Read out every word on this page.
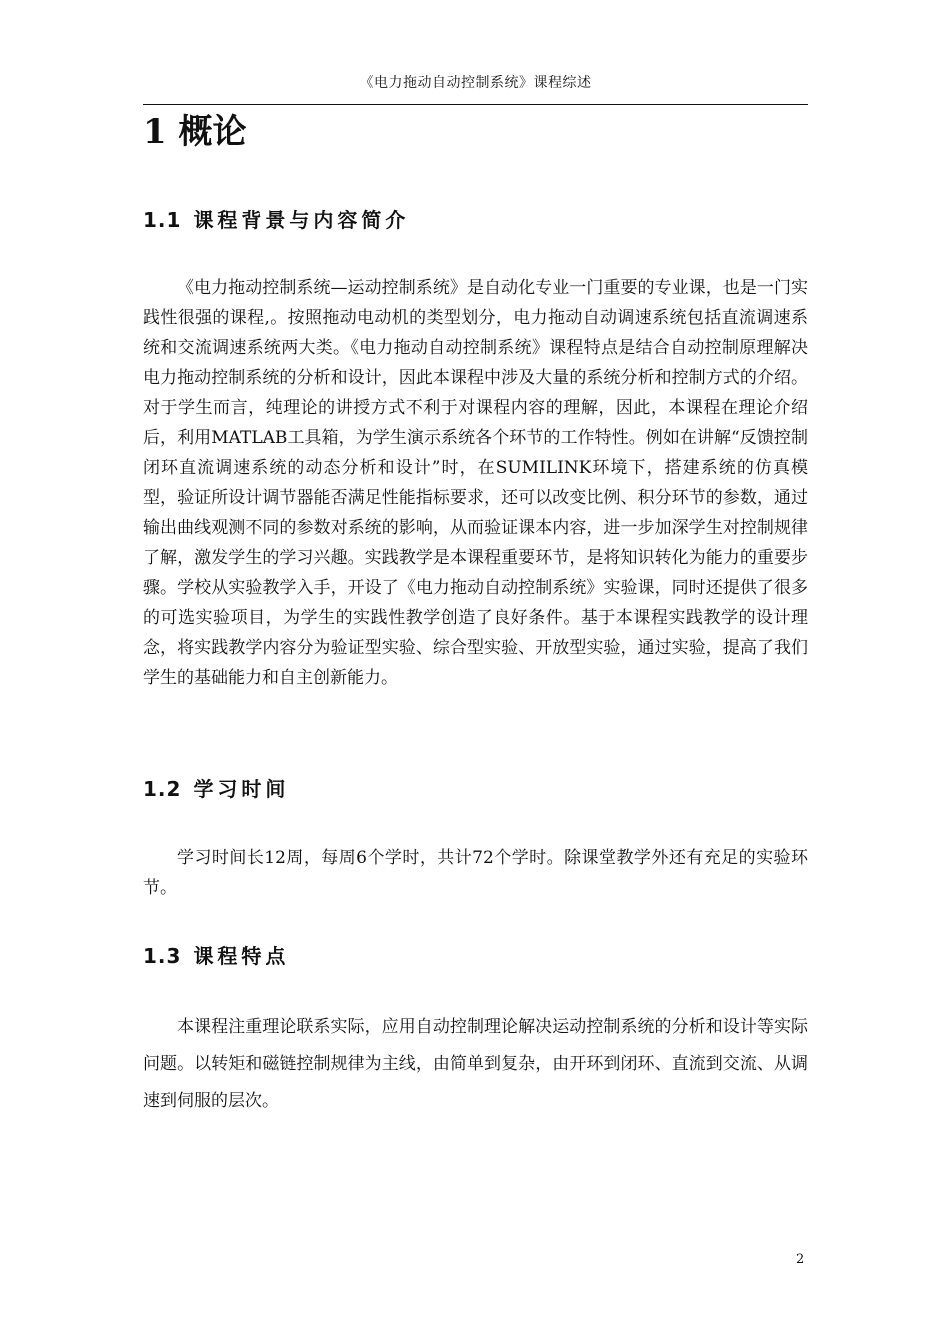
《电力拖动自动控制系统》课程综述
1 概论
1.1 课程背景与内容简介

《电力拖动控制系统—运动控制系统》是自动化专业一门重要的专业课，也是一门实践性很强的课程,。按照拖动电动机的类型划分，电力拖动自动调速系统包括直流调速系统和交流调速系统两大类。《电力拖动自动控制系统》课程特点是结合自动控制原理解决电力拖动控制系统的分析和设计，因此本课程中涉及大量的系统分析和控制方式的介绍。对于学生而言，纯理论的讲授方式不利于对课程内容的理解，因此，本课程在理论介绍后，利用MATLAB工具箱，为学生演示系统各个环节的工作特性。例如在讲解“反馈控制闭环直流调速系统的动态分析和设计”时，在SUMILINK环境下，搭建系统的仿真模型，验证所设计调节器能否满足性能指标要求，还可以改变比例、积分环节的参数，通过输出曲线观测不同的参数对系统的影响，从而验证课本内容，进一步加深学生对控制规律了解，激发学生的学习兴趣。实践教学是本课程重要环节，是将知识转化为能力的重要步骤。学校从实验教学入手，开设了《电力拖动自动控制系统》实验课，同时还提供了很多的可选实验项目，为学生的实践性教学创造了良好条件。基于本课程实践教学的设计理念，将实践教学内容分为验证型实验、综合型实验、开放型实验，通过实验，提高了我们学生的基础能力和自主创新能力。

1.2 学习时间

学习时间长12周，每周6个学时，共计72个学时。除课堂教学外还有充足的实验环节。

1.3 课程特点

本课程注重理论联系实际，应用自动控制理论解决运动控制系统的分析和设计等实际问题。以转矩和磁链控制规律为主线，由简单到复杂，由开环到闭环、直流到交流、从调速到伺服的层次。

2
